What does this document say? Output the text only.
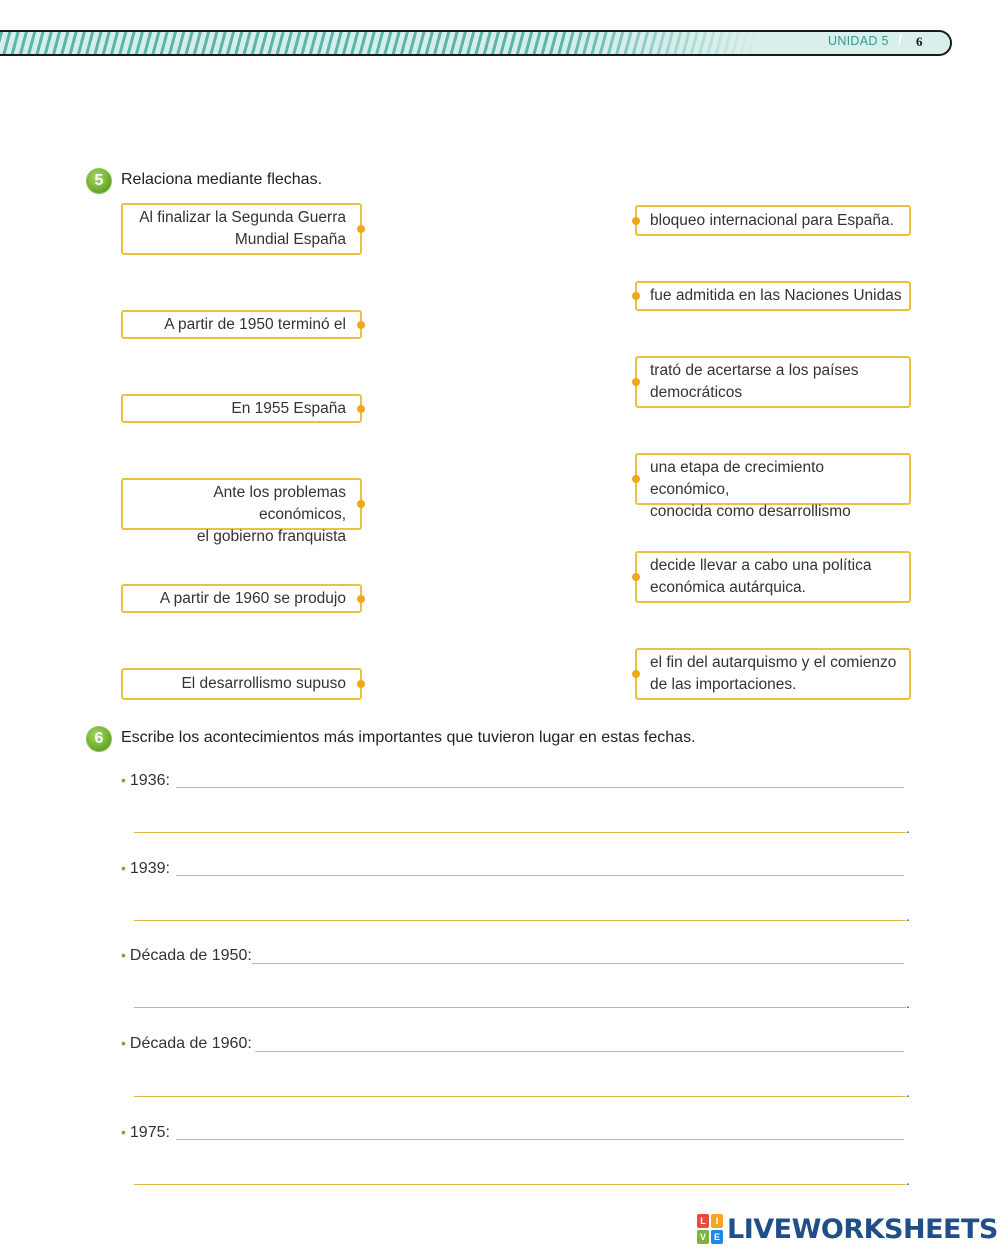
UNIDAD 5 / 6
5	Relaciona mediante flechas.
Al finalizar la Segunda Guerra
Mundial España
A partir de 1950 terminó el
En 1955 España
Ante los problemas económicos,
el gobierno franquista
A partir de 1960 se produjo
El desarrollismo supuso
bloqueo internacional para España.
fue admitida en las Naciones Unidas
trató de acertarse a los países
democráticos
una etapa de crecimiento económico,
conocida como desarrollismo
decide llevar a cabo una política
económica autárquica.
el fin del autarquismo y el comienzo
de las importaciones.
6	Escribe los acontecimientos más importantes que tuvieron lugar en estas fechas.
• 1936:
.
• 1939:
.
• Década de 1950:
.
• Década de 1960:
.
• 1975:
.
L	I
V E LIVEWORKSHEETS
